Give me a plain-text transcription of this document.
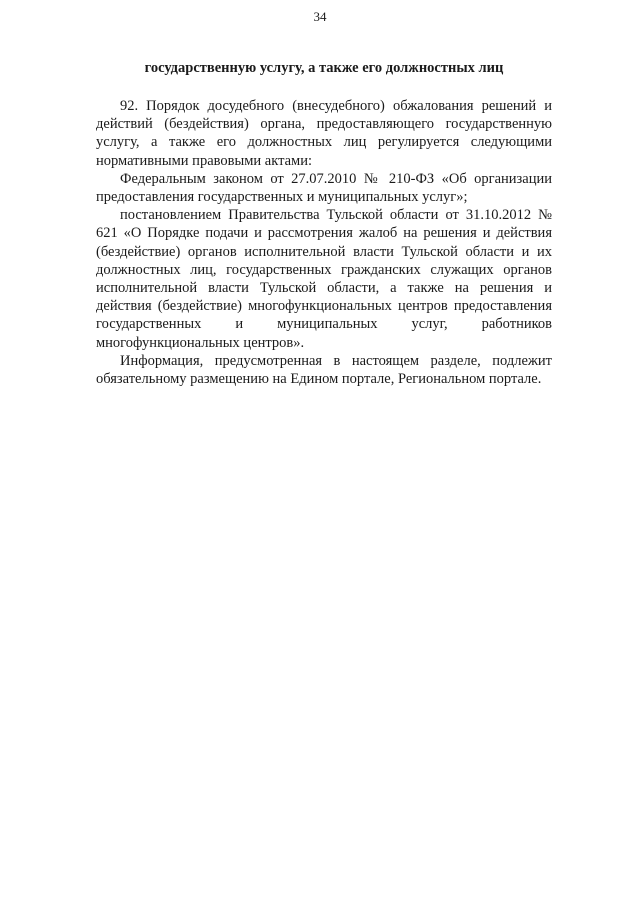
34
государственную услугу, а также его должностных лиц

92. Порядок досудебного (внесудебного) обжалования решений и действий (бездействия) органа, предоставляющего государственную услугу, а также его должностных лиц регулируется следующими нормативными правовыми актами:

Федеральным законом от 27.07.2010 № 210-ФЗ «Об организации предоставления государственных и муниципальных услуг»;

постановлением Правительства Тульской области от 31.10.2012 № 621 «О Порядке подачи и рассмотрения жалоб на решения и действия (бездействие) органов исполнительной власти Тульской области и их должностных лиц, государственных гражданских служащих органов исполнительной власти Тульской области, а также на решения и действия (бездействие) многофункциональных центров предоставления государственных и муниципальных услуг, работников многофункциональных центров».

Информация, предусмотренная в настоящем разделе, подлежит обязательному размещению на Едином портале, Региональном портале.
